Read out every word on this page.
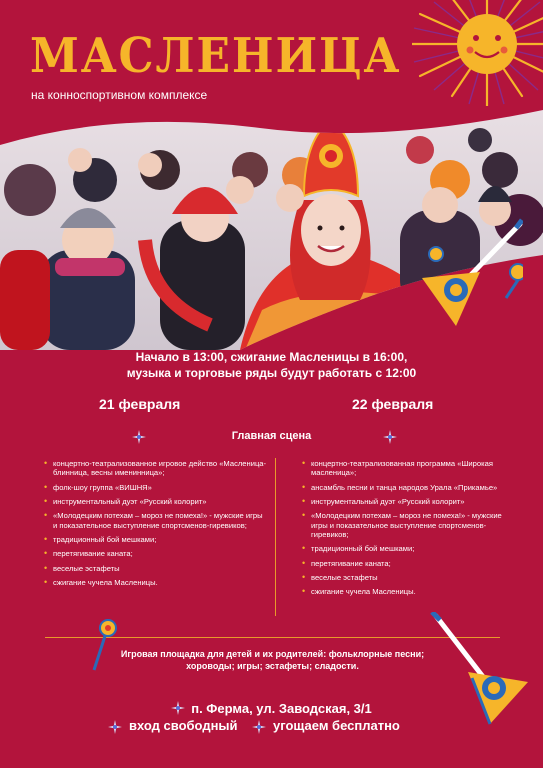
МАСЛЕНИЦА
на конноспортивном комплексе
Начало в 13:00, сжигание Масленицы в 16:00,
музыка и торговые ряды будут работать с 12:00
21 февраля	22 февраля
Главная сцена
• концертно-театрализованное игровое действо «Масленица-блинница, весны именинница»;
• фолк-шоу группа «ВИШНЯ»
• инструментальный дуэт «Русский колорит»
• «Молодецким потехам – мороз не помеха!» - мужские игры и показательное выступление спортсменов-гиревиков;
• традиционный бой мешками;
• перетягивание каната;
• веселые эстафеты
• сжигание чучела Масленицы.
• концертно-театрализованная программа «Широкая масленица»;
• ансамбль песни и танца народов Урала «Прикамье»
• инструментальный дуэт «Русский колорит»
• «Молодецким потехам – мороз не помеха!» - мужские игры и показательное выступление спортсменов-гиревиков;
• традиционный бой мешками;
• перетягивание каната;
• веселые эстафеты
• сжигание чучела Масленицы.
Игровая площадка для детей и их родителей: фольклорные песни; хороводы; игры; эстафеты; сладости.
п. Ферма, ул. Заводская, 3/1
вход свободный	угощаем бесплатно
